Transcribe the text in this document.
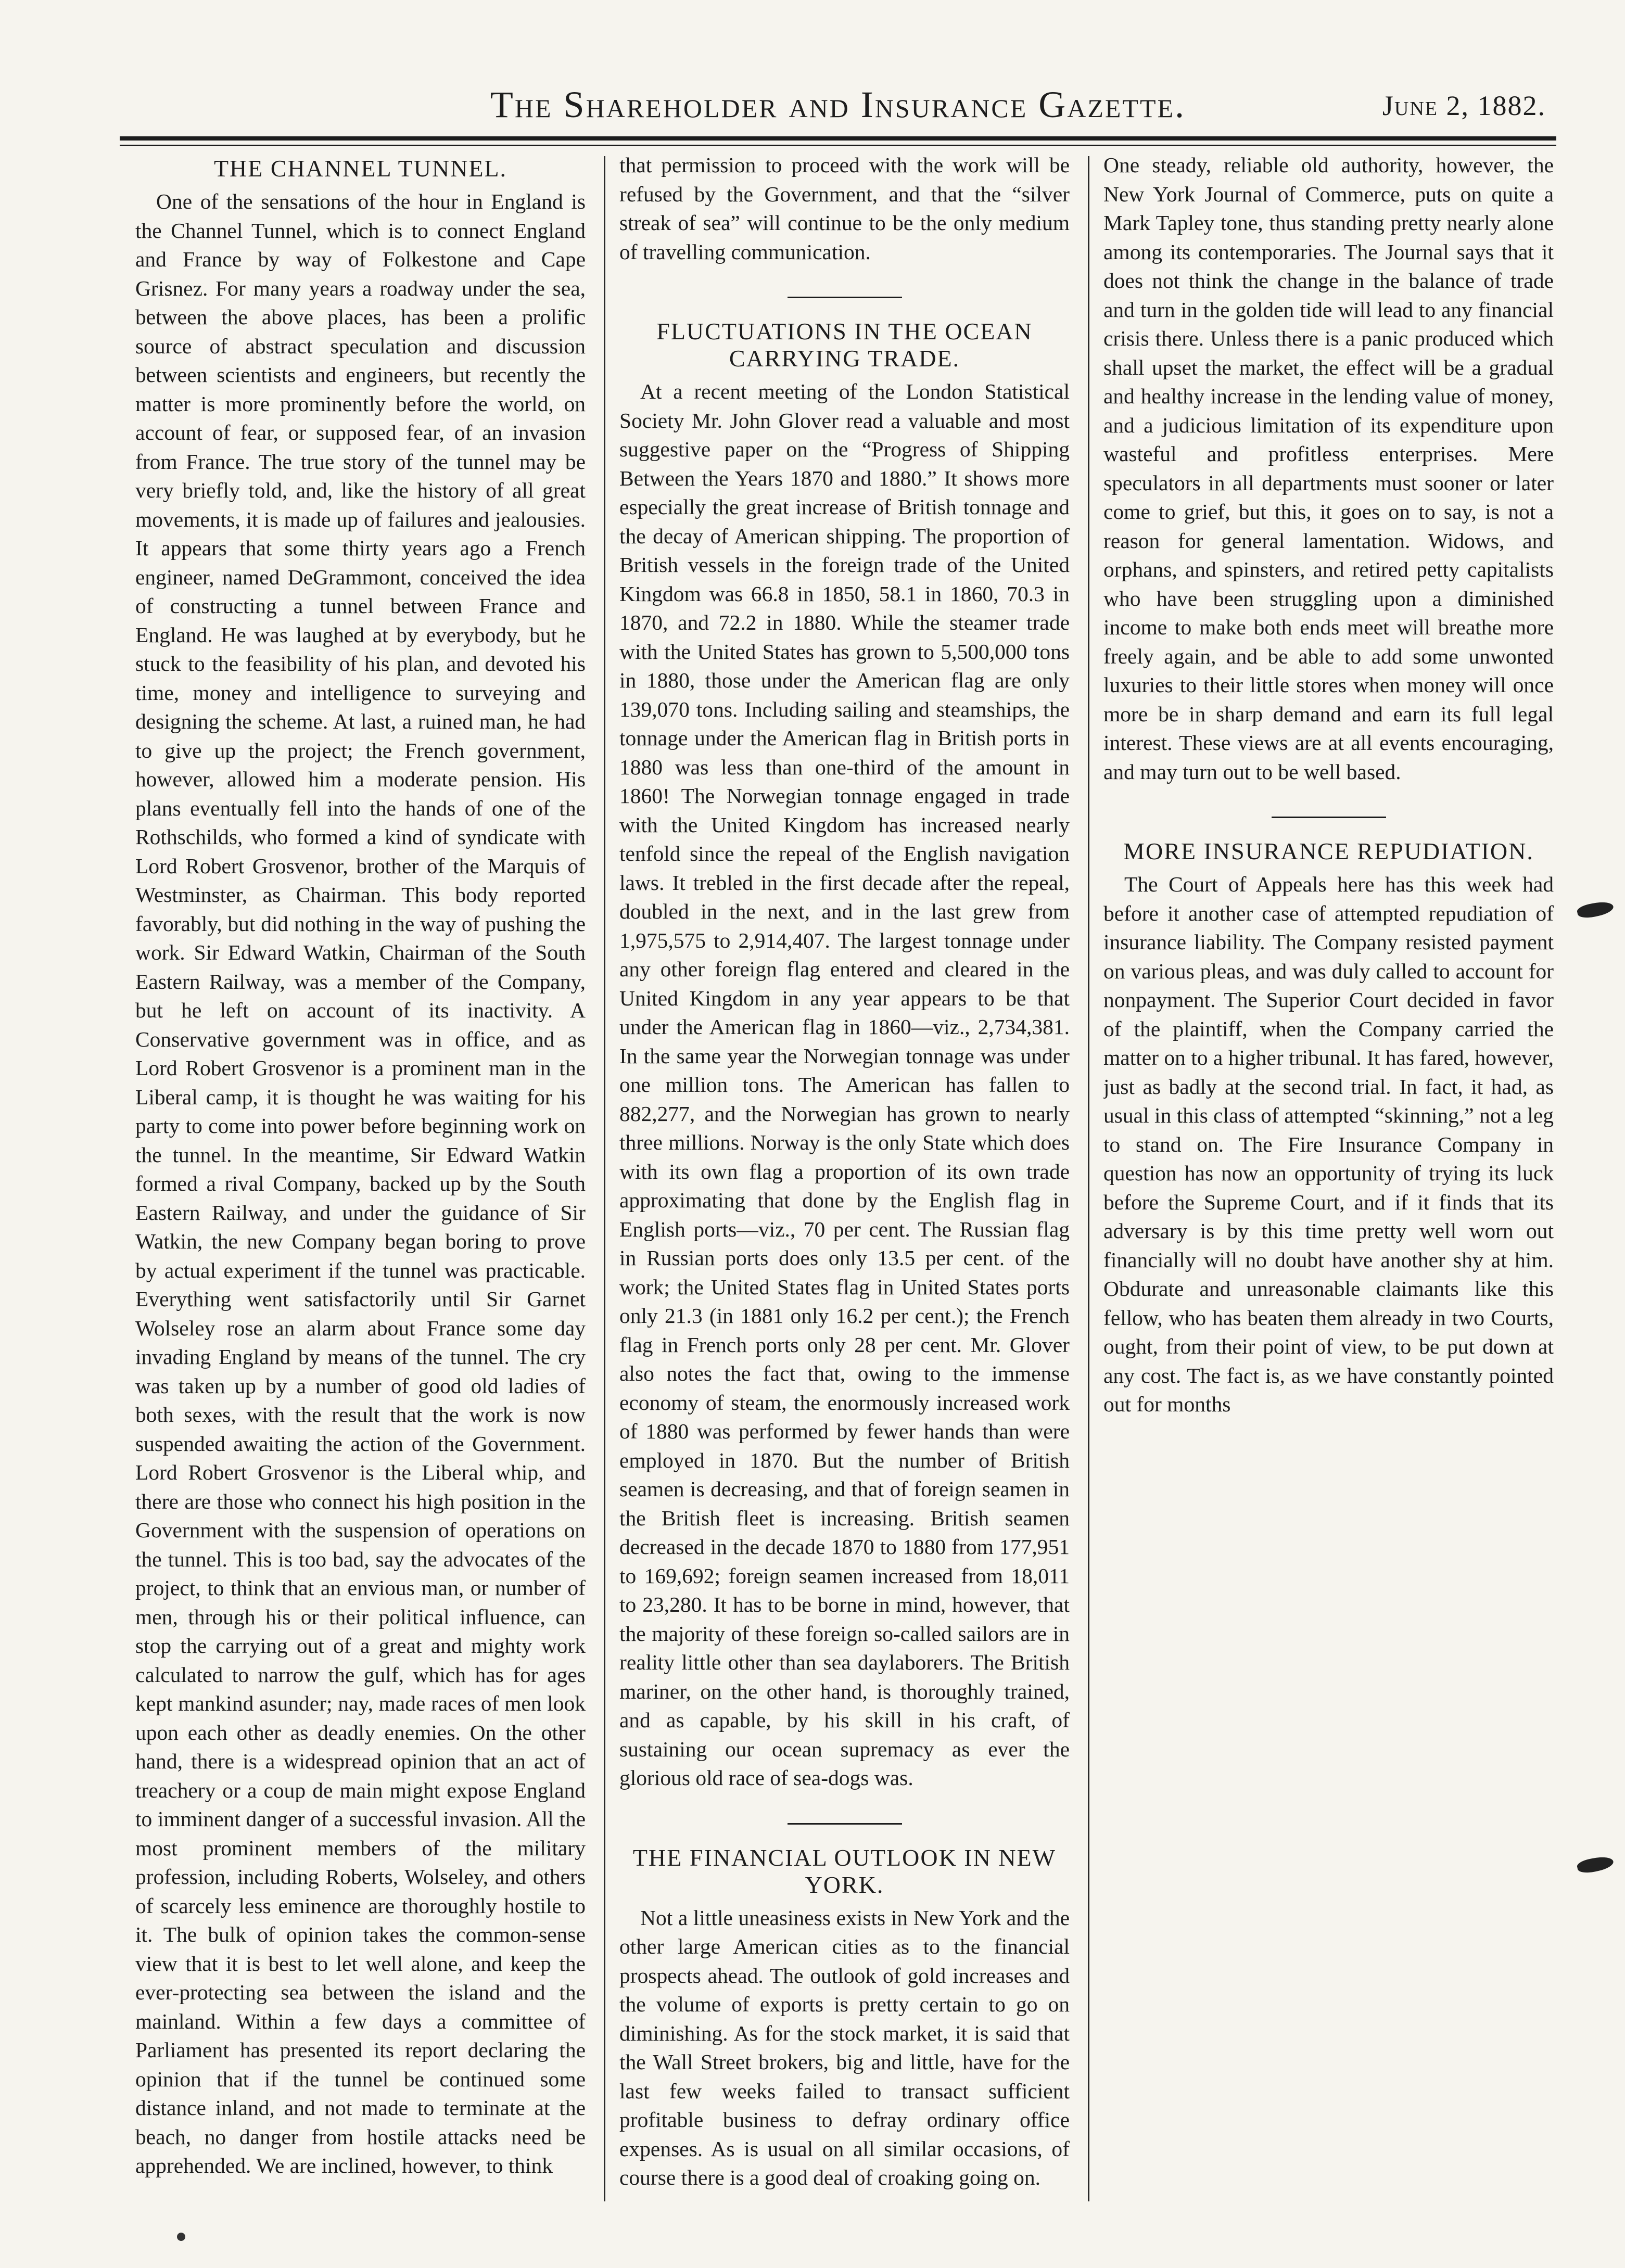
The Shareholder and Insurance Gazette.	June 2, 1882.
THE CHANNEL TUNNEL.

One of the sensations of the hour in England is the Channel Tunnel, which is to connect England and France by way of Folkestone and Cape Grisnez. For many years a roadway under the sea, between the above places, has been a prolific source of abstract speculation and discussion between scientists and engineers, but recently the matter is more prominently before the world, on account of fear, or supposed fear, of an invasion from France. The true story of the tunnel may be very briefly told, and, like the history of all great movements, it is made up of failures and jealousies. It appears that some thirty years ago a French engineer, named DeGrammont, conceived the idea of constructing a tunnel between France and England. He was laughed at by everybody, but he stuck to the feasibility of his plan, and devoted his time, money and intelligence to surveying and designing the scheme. At last, a ruined man, he had to give up the project; the French government, however, allowed him a moderate pension. His plans eventually fell into the hands of one of the Rothschilds, who formed a kind of syndicate with Lord Robert Grosvenor, brother of the Marquis of Westminster, as Chairman. This body reported favorably, but did nothing in the way of pushing the work. Sir Edward Watkin, Chairman of the South Eastern Railway, was a member of the Company, but he left on account of its inactivity. A Conservative government was in office, and as Lord Robert Grosvenor is a prominent man in the Liberal camp, it is thought he was waiting for his party to come into power before beginning work on the tunnel. In the meantime, Sir Edward Watkin formed a rival Company, backed up by the South Eastern Railway, and under the guidance of Sir Watkin, the new Company began boring to prove by actual experiment if the tunnel was practicable. Everything went satisfactorily until Sir Garnet Wolseley rose an alarm about France some day invading England by means of the tunnel. The cry was taken up by a number of good old ladies of both sexes, with the result that the work is now suspended awaiting the action of the Government. Lord Robert Grosvenor is the Liberal whip, and there are those who connect his high position in the Government with the suspension of operations on the tunnel. This is too bad, say the advocates of the project, to think that an envious man, or number of men, through his or their political influence, can stop the carrying out of a great and mighty work calculated to narrow the gulf, which has for ages kept mankind asunder; nay, made races of men look upon each other as deadly enemies. On the other hand, there is a widespread opinion that an act of treachery or a coup de main might expose England to imminent danger of a successful invasion. All the most prominent members of the military profession, including Roberts, Wolseley, and others of scarcely less eminence are thoroughly hostile to it. The bulk of opinion takes the common-sense view that it is best to let well alone, and keep the ever-protecting sea between the island and the mainland. Within a few days a committee of Parliament has presented its report declaring the opinion that if the tunnel be continued some distance inland, and not made to terminate at the beach, no danger from hostile attacks need be apprehended. We are inclined, however, to think

that permission to proceed with the work will be refused by the Government, and that the “silver streak of sea” will continue to be the only medium of travelling communication.

FLUCTUATIONS IN THE OCEAN CARRYING TRADE.

At a recent meeting of the London Statistical Society Mr. John Glover read a valuable and most suggestive paper on the “Progress of Shipping Between the Years 1870 and 1880.” It shows more especially the great increase of British tonnage and the decay of American shipping. The proportion of British vessels in the foreign trade of the United Kingdom was 66.8 in 1850, 58.1 in 1860, 70.3 in 1870, and 72.2 in 1880. While the steamer trade with the United States has grown to 5,500,000 tons in 1880, those under the American flag are only 139,070 tons. Including sailing and steamships, the tonnage under the American flag in British ports in 1880 was less than one-third of the amount in 1860! The Norwegian tonnage engaged in trade with the United Kingdom has increased nearly tenfold since the repeal of the English navigation laws. It trebled in the first decade after the repeal, doubled in the next, and in the last grew from 1,975,575 to 2,914,407. The largest tonnage under any other foreign flag entered and cleared in the United Kingdom in any year appears to be that under the American flag in 1860—viz., 2,734,381. In the same year the Norwegian tonnage was under one million tons. The American has fallen to 882,277, and the Norwegian has grown to nearly three millions. Norway is the only State which does with its own flag a proportion of its own trade approximating that done by the English flag in English ports—viz., 70 per cent. The Russian flag in Russian ports does only 13.5 per cent. of the work; the United States flag in United States ports only 21.3 (in 1881 only 16.2 per cent.); the French flag in French ports only 28 per cent. Mr. Glover also notes the fact that, owing to the immense economy of steam, the enormously increased work of 1880 was performed by fewer hands than were employed in 1870. But the number of British seamen is decreasing, and that of foreign seamen in the British fleet is increasing. British seamen decreased in the decade 1870 to 1880 from 177,951 to 169,692; foreign seamen increased from 18,011 to 23,280. It has to be borne in mind, however, that the majority of these foreign so-called sailors are in reality little other than sea daylaborers. The British mariner, on the other hand, is thoroughly trained, and as capable, by his skill in his craft, of sustaining our ocean supremacy as ever the glorious old race of sea-dogs was.

THE FINANCIAL OUTLOOK IN NEW YORK.

Not a little uneasiness exists in New York and the other large American cities as to the financial prospects ahead. The outlook of gold increases and the volume of exports is pretty certain to go on diminishing. As for the stock market, it is said that the Wall Street brokers, big and little, have for the last few weeks failed to transact sufficient profitable business to defray ordinary office expenses. As is usual on all similar occasions, of course there is a good deal of croaking going on.

One steady, reliable old authority, however, the New York Journal of Commerce, puts on quite a Mark Tapley tone, thus standing pretty nearly alone among its contemporaries. The Journal says that it does not think the change in the balance of trade and turn in the golden tide will lead to any financial crisis there. Unless there is a panic produced which shall upset the market, the effect will be a gradual and healthy increase in the lending value of money, and a judicious limitation of its expenditure upon wasteful and profitless enterprises. Mere speculators in all departments must sooner or later come to grief, but this, it goes on to say, is not a reason for general lamentation. Widows, and orphans, and spinsters, and retired petty capitalists who have been struggling upon a diminished income to make both ends meet will breathe more freely again, and be able to add some unwonted luxuries to their little stores when money will once more be in sharp demand and earn its full legal interest. These views are at all events encouraging, and may turn out to be well based.

MORE INSURANCE REPUDIATION.

The Court of Appeals here has this week had before it another case of attempted repudiation of insurance liability. The Company resisted payment on various pleas, and was duly called to account for nonpayment. The Superior Court decided in favor of the plaintiff, when the Company carried the matter on to a higher tribunal. It has fared, however, just as badly at the second trial. In fact, it had, as usual in this class of attempted “skinning,” not a leg to stand on. The Fire Insurance Company in question has now an opportunity of trying its luck before the Supreme Court, and if it finds that its adversary is by this time pretty well worn out financially will no doubt have another shy at him. Obdurate and unreasonable claimants like this fellow, who has beaten them already in two Courts, ought, from their point of view, to be put down at any cost. The fact is, as we have constantly pointed out for months
